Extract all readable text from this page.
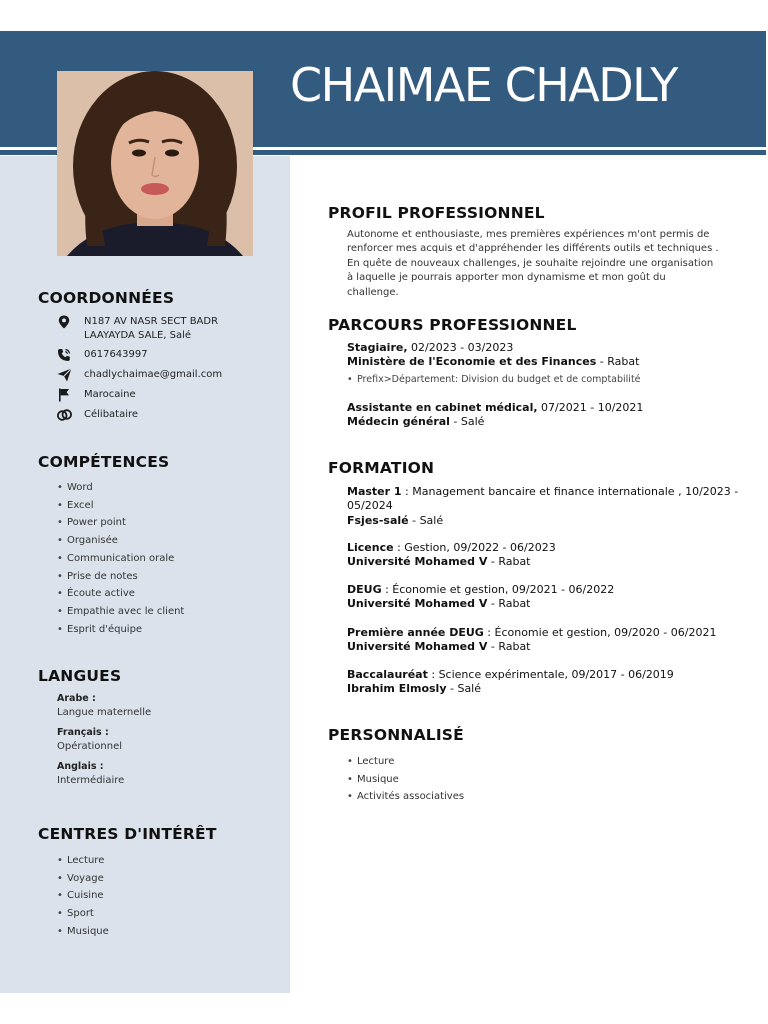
CHAIMAE CHADLY
COORDONNÉES
N187 AV NASR SECT BADR
LAAYAYDA SALE, Salé
0617643997
chadlychaimae@gmail.com
Marocaine
Célibataire
COMPÉTENCES
• Word
• Excel
• Power point
• Organisée
• Communication orale
• Prise de notes
• Écoute active
• Empathie avec le client
• Esprit d'équipe
LANGUES
Arabe :
Langue maternelle
Français :
Opérationnel
Anglais :
Intermédiaire
CENTRES D'INTÉRÊT
• Lecture
• Voyage
• Cuisine
• Sport
• Musique
PROFIL PROFESSIONNEL

Autonome et enthousiaste, mes premières expériences m'ont permis de renforcer mes acquis et d'appréhender les différents outils et techniques . En quête de nouveaux challenges, je souhaite rejoindre une organisation à laquelle je pourrais apporter mon dynamisme et mon goût du challenge.

PARCOURS PROFESSIONNEL
Stagiaire, 02/2023 - 03/2023
Ministère de l'Economie et des Finances - Rabat
• Prefix>Département: Division du budget et de comptabilité
Assistante en cabinet médical, 07/2021 - 10/2021
Médecin général - Salé
FORMATION
Master 1 : Management bancaire et finance internationale , 10/2023 -
05/2024
Fsjes-salé - Salé
Licence : Gestion, 09/2022 - 06/2023
Université Mohamed V - Rabat
DEUG : Économie et gestion, 09/2021 - 06/2022
Université Mohamed V - Rabat
Première année DEUG : Économie et gestion, 09/2020 - 06/2021
Université Mohamed V - Rabat
Baccalauréat : Science expérimentale, 09/2017 - 06/2019
Ibrahim Elmosly - Salé
PERSONNALISÉ
• Lecture
• Musique
• Activités associatives
